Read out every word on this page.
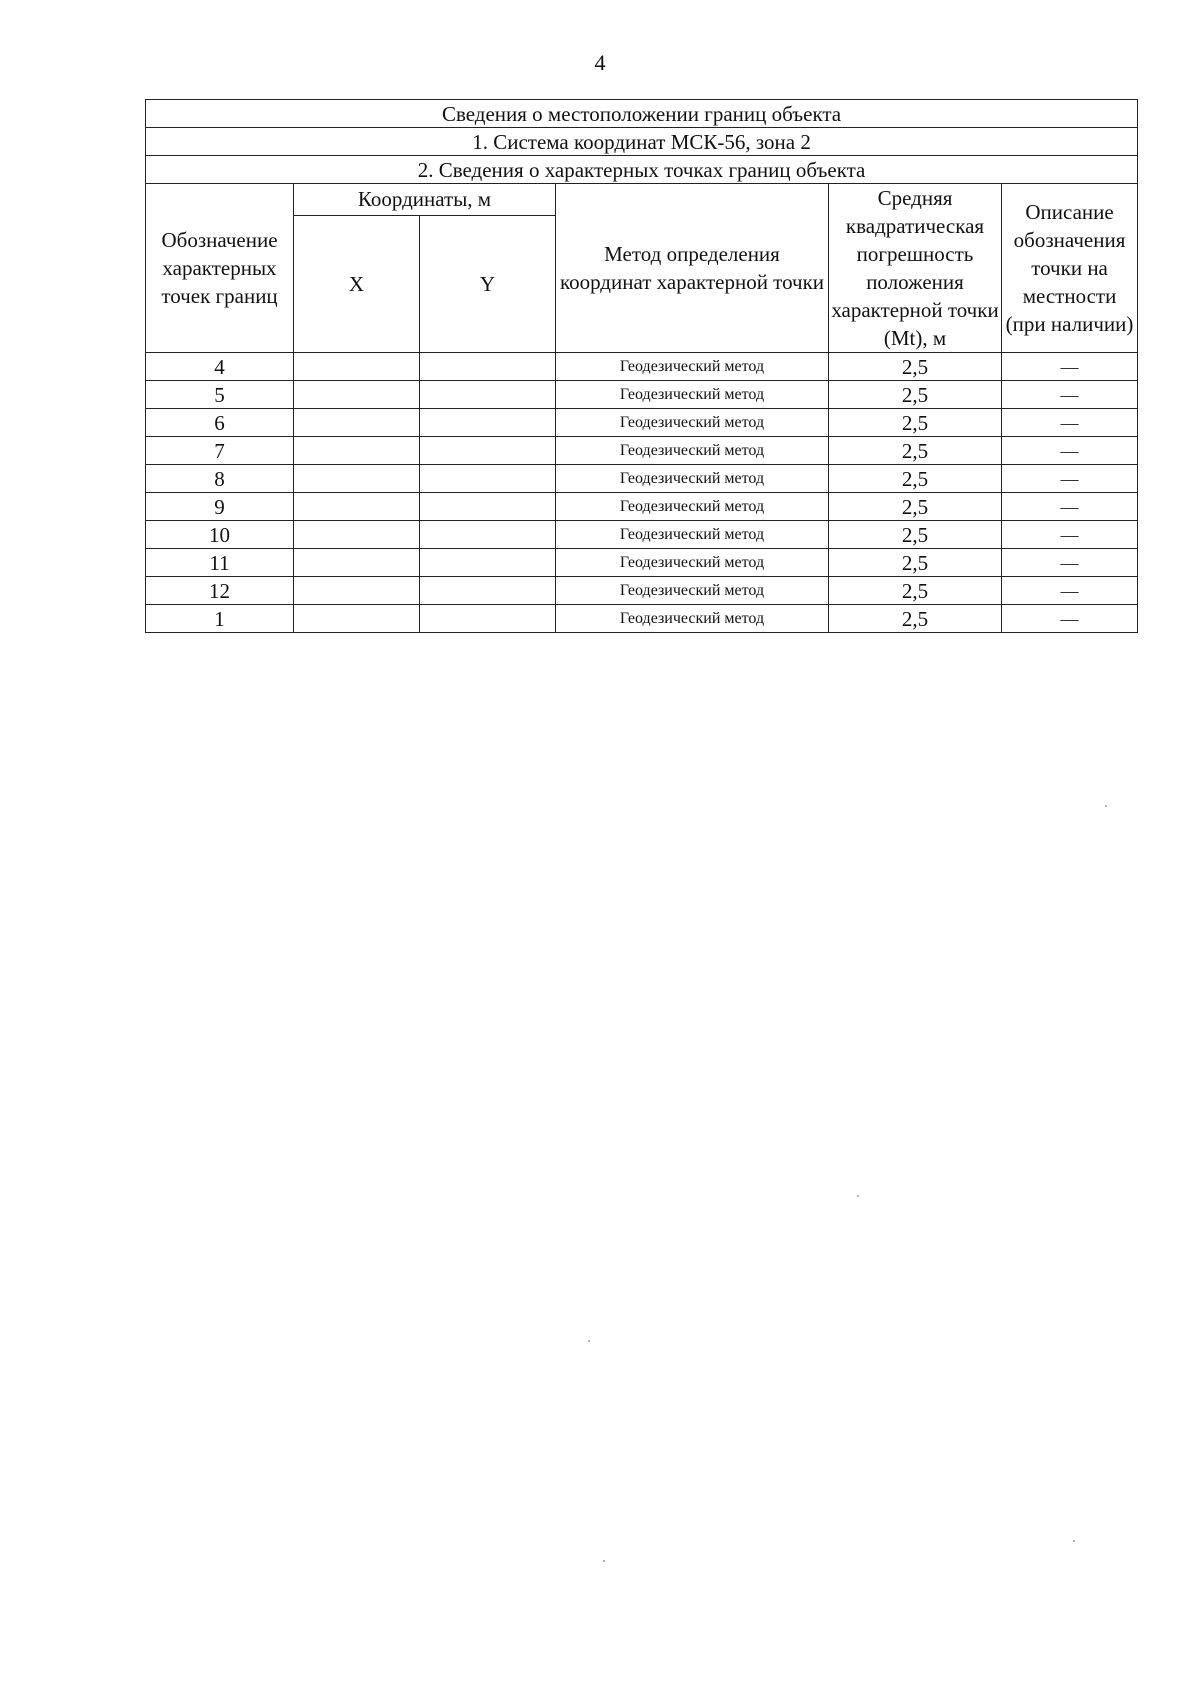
4
Сведения о местоположении границ объекта					
1. Система координат МСК-56, зона 2					
2. Сведения о характерных точках границ объекта					
Обозначение характерных точек границ	Координаты, м		Метод определения координат характерной точки	Средняя квадратическая погрешность положения характерной точки (Mt), м	Описание обозначения точки на местности (при наличии)
	X	Y			
4			Геодезический метод	2,5	—
5			Геодезический метод	2,5	—
6			Геодезический метод	2,5	—
7			Геодезический метод	2,5	—
8			Геодезический метод	2,5	—
9			Геодезический метод	2,5	—
10			Геодезический метод	2,5	—
11			Геодезический метод	2,5	—
12			Геодезический метод	2,5	—
1			Геодезический метод	2,5	—
